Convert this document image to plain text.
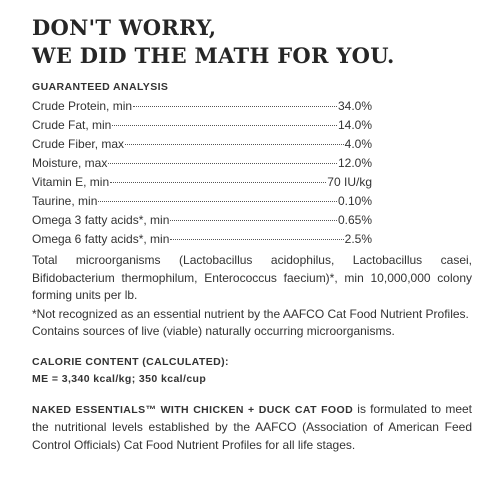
DON'T WORRY,
WE DID THE MATH FOR YOU.
GUARANTEED ANALYSIS
Crude Protein, min	34.0%
Crude Fat, min	14.0%
Crude Fiber, max	4.0%
Moisture, max	12.0%
Vitamin E, min	70 IU/kg
Taurine, min	0.10%
Omega 3 fatty acids*, min	0.65%
Omega 6 fatty acids*, min	2.5%

Total microorganisms (Lactobacillus acidophilus, Lactobacillus casei, Bifidobacterium thermophilum, Enterococcus faecium)*, min 10,000,000 colony forming units per lb.

*Not recognized as an essential nutrient by the AAFCO Cat Food Nutrient Profiles.

Contains sources of live (viable) naturally occurring microorganisms.

CALORIE CONTENT (CALCULATED):
ME = 3,340 kcal/kg; 350 kcal/cup

NAKED ESSENTIALS™ WITH CHICKEN + DUCK CAT FOOD is formulated to meet the nutritional levels established by the AAFCO (Association of American Feed Control Officials) Cat Food Nutrient Profiles for all life stages.
